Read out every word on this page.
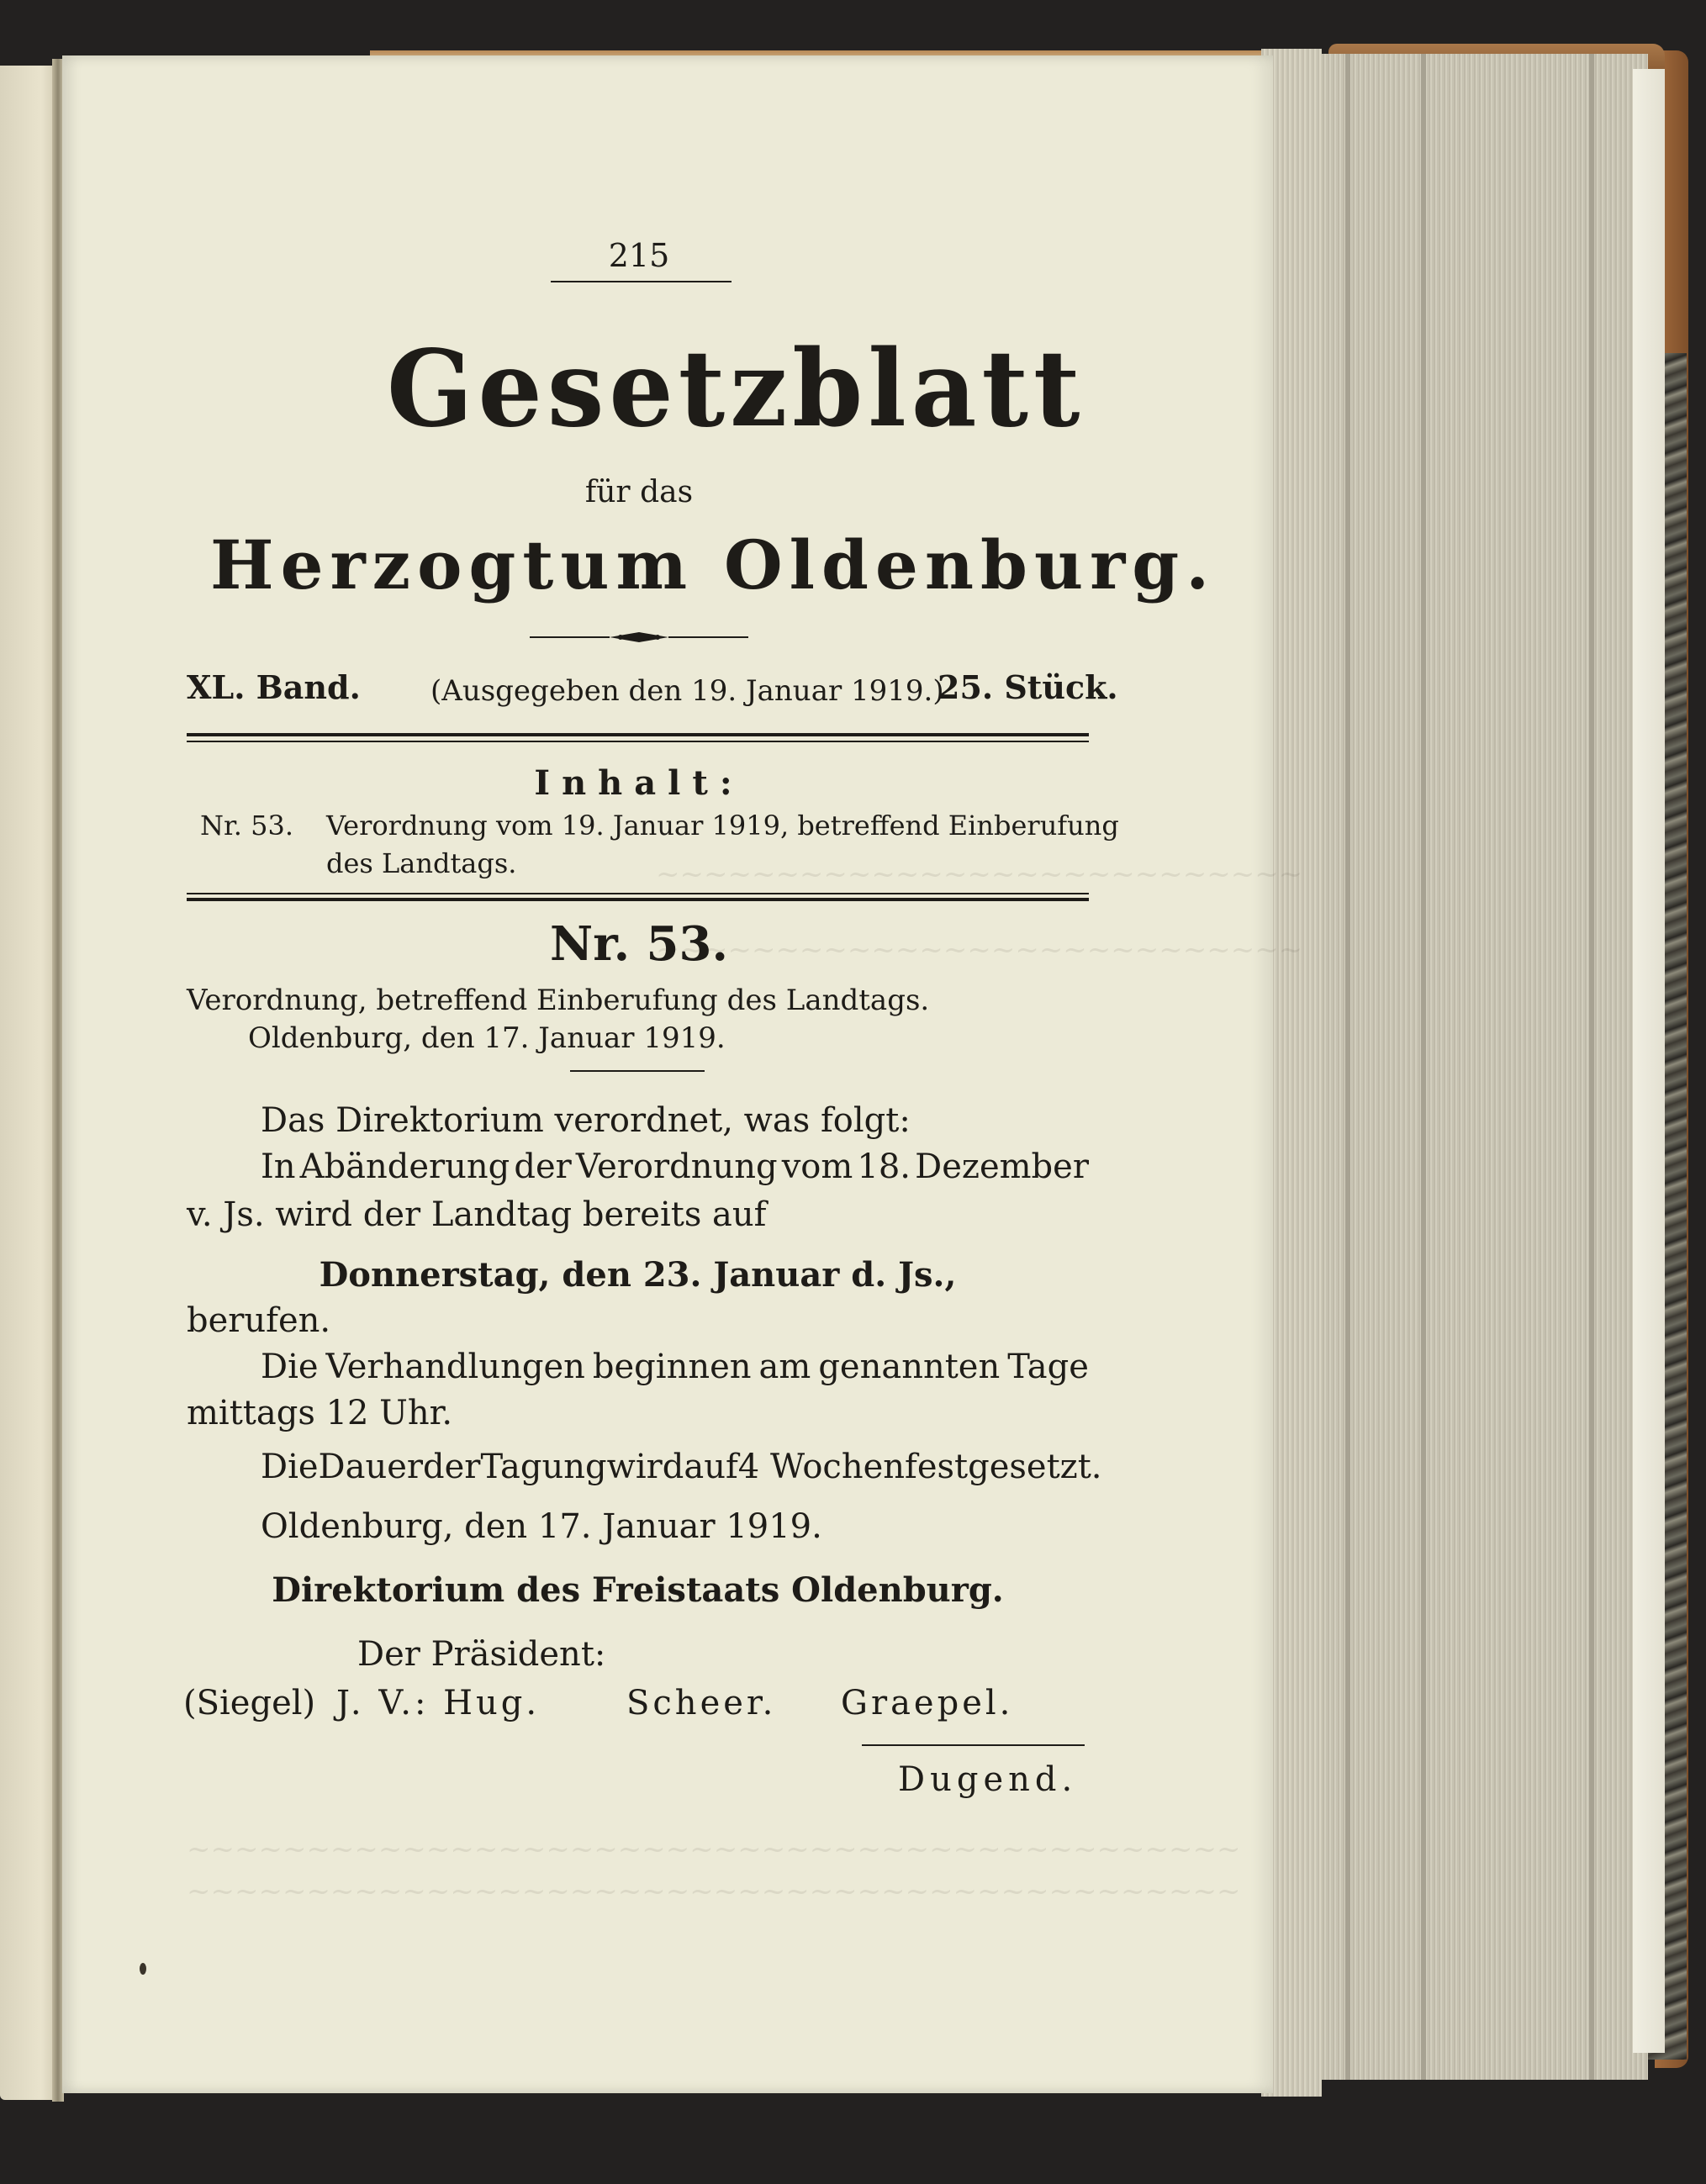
~~~~~~~~~~~~~~~~~~~~~~~~~~~
~~~~~~~~~~~~~~~~~~~~~~~~~~~
~~~~~~~~~~~~~~~~~~~~~~~~~~~~~~~~~~~~~~~~~~~~
~~~~~~~~~~~~~~~~~~~~~~~~~~~~~~~~~~~~~~~~~~~~
215
Gesetzblatt
für das
Herzogtum Oldenburg.
XL. Band. (Ausgegeben den 19. Januar 1919.)
25. Stück.
Inhalt:
Nr. 53. Verordnung vom 19. Januar 1919, betreffend Einberufung
des Landtags.
Nr. 53.
Verordnung, betreffend Einberufung des Landtags.
Oldenburg, den 17. Januar 1919.
Das Direktorium verordnet, was folgt:
In Abänderung der Verordnung vom 18. Dezember
v. Js. wird der Landtag bereits auf
Donnerstag, den 23. Januar d. Js.,
berufen.
Die Verhandlungen beginnen am genannten Tage
mittags 12 Uhr.
Die Dauer der Tagung wird auf 4 Wochen festgesetzt.
Oldenburg, den 17. Januar 1919.
Direktorium des Freistaats Oldenburg.
Der Präsident:
(Siegel) J. V.: Hug.	Scheer. Graepel.
Dugend.
